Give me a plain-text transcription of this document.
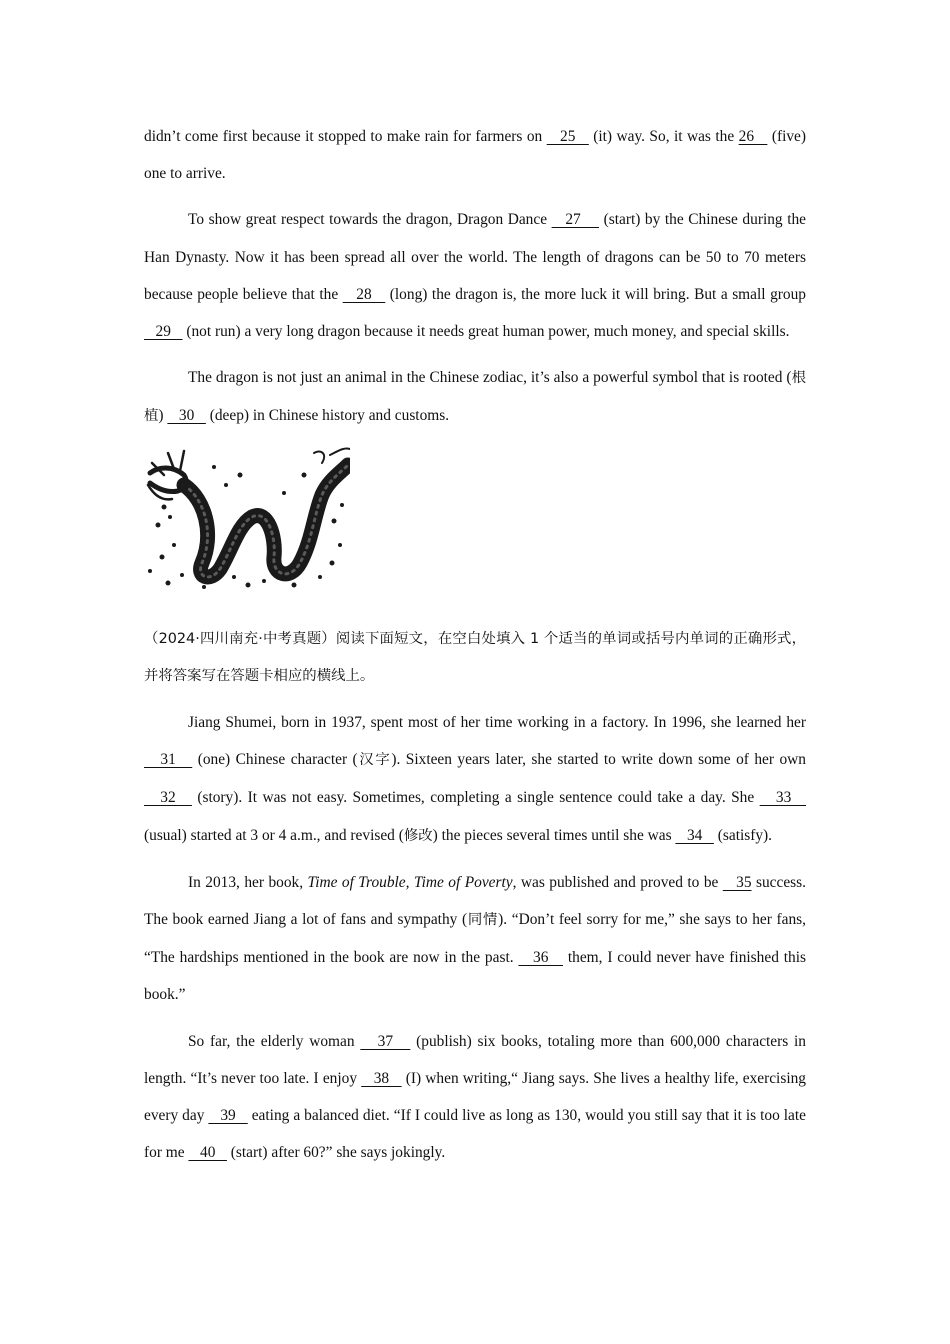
didn’t come first because it stopped to make rain for farmers on    25    (it) way. So, it was the 26    (five) one to arrive.

To show great respect towards the dragon, Dragon Dance    27     (start) by the Chinese during the Han Dynasty. Now it has been spread all over the world. The length of dragons can be 50 to 70 meters because people believe that the    28    (long) the dragon is, the more luck it will bring. But a small group    29    (not run) a very long dragon because it needs great human power, much money, and special skills.

The dragon is not just an animal in the Chinese zodiac, it’s also a powerful symbol that is rooted (根植)    30    (deep) in Chinese history and customs.

（2024·四川南充·中考真题）阅读下面短文，在空白处填入 1 个适当的单词或括号内单词的正确形式，并将答案写在答题卡相应的横线上。

Jiang Shumei, born in 1937, spent most of her time working in a factory. In 1996, she learned her    31    (one) Chinese character (汉字). Sixteen years later, she started to write down some of her own    32    (story). It was not easy. Sometimes, completing a single sentence could take a day. She    33    (usual) started at 3 or 4 a.m., and revised (修改) the pieces several times until she was    34    (satisfy).

In 2013, her book, Time of Trouble, Time of Poverty, was published and proved to be    35 success. The book earned Jiang a lot of fans and sympathy (同情). “Don’t feel sorry for me,” she says to her fans, “The hardships mentioned in the book are now in the past.    36    them, I could never have finished this book.”

So far, the elderly woman    37    (publish) six books, totaling more than 600,000 characters in length. “It’s never too late. I enjoy    38    (I) when writing,“ Jiang says. She lives a healthy life, exercising every day    39    eating a balanced diet. “If I could live as long as 130, would you still say that it is too late for me    40    (start) after 60?” she says jokingly.
